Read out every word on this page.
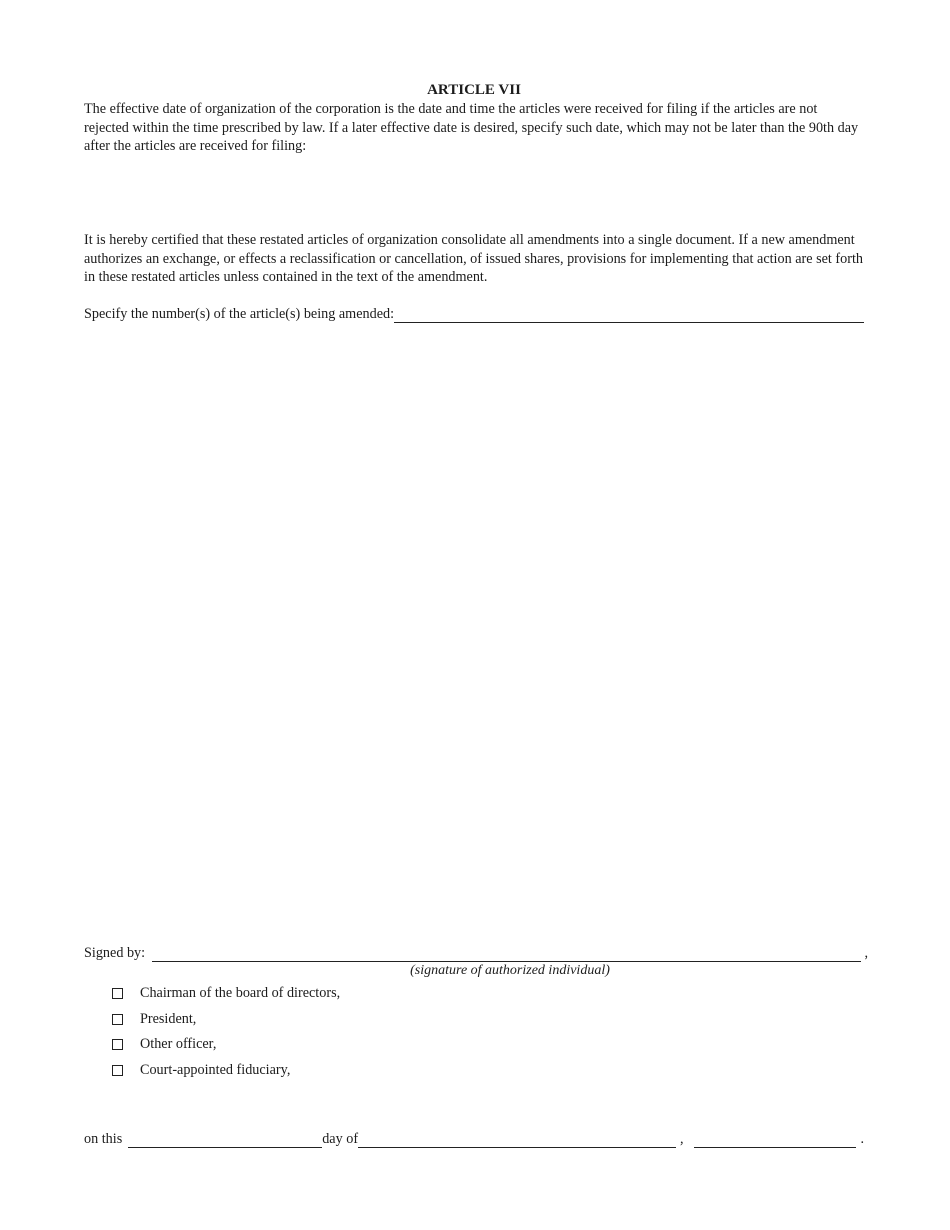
ARTICLE VII

The effective date of organization of the corporation is the date and time the articles were received for filing if the articles are not rejected within the time prescribed by law. If a later effective date is desired, specify such date, which may not be later than the 90th day after the articles are received for filing:

It is hereby certified that these restated articles of organization consolidate all amendments into a single document. If a new amendment authorizes an exchange, or effects a reclassification or cancellation, of issued shares, provisions for implementing that action are set forth in these restated articles unless contained in the text of the amendment.

Specify the number(s) of the article(s) being amended:
Signed by:	,
(signature of authorized individual)
Chairman of the board of directors,
President,
Other officer,
Court-appointed fiduciary,
on this	day of	,	.
